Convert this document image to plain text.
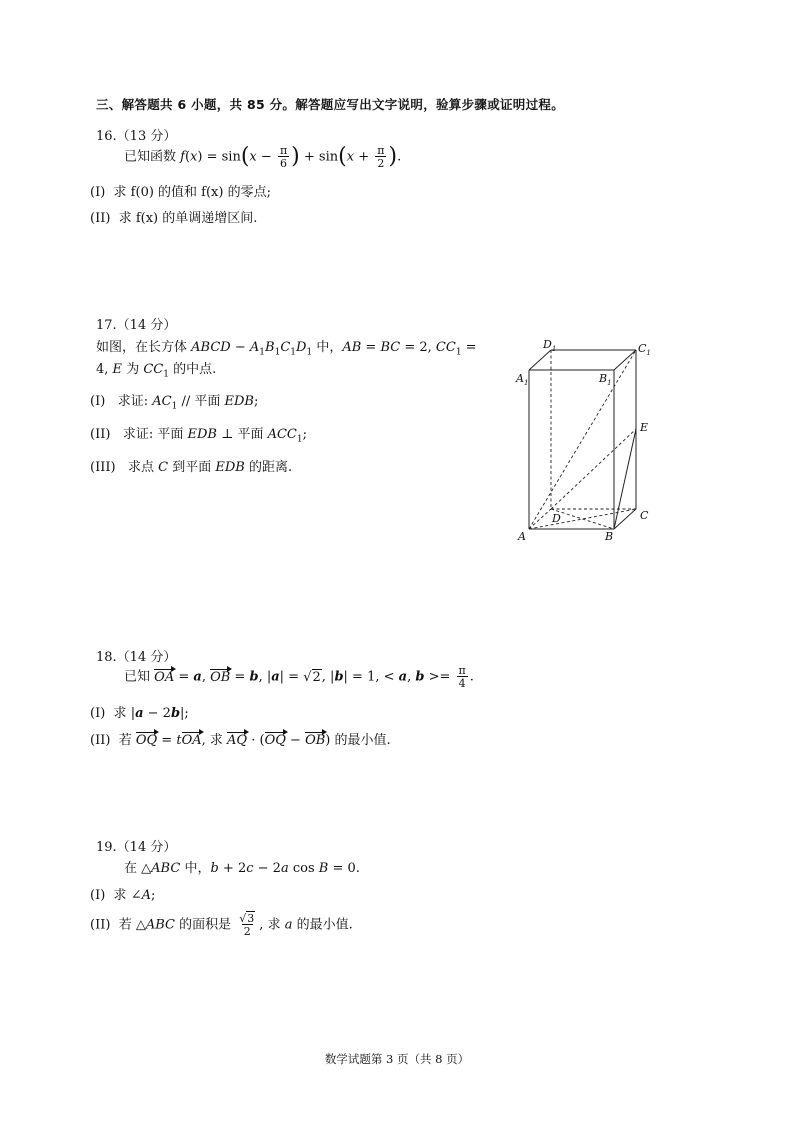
三、解答题共 6 小题，共 85 分。解答题应写出文字说明，验算步骤或证明过程。
16.（13 分）
已知函数 $f(x) = \sin(x - \frac{\pi}{6}$ ) + $\sin(x + \frac{\pi}{2}$ ).
(I) 求 f(0) 的值和 f(x) 的零点;
(II) 求 f(x) 的单调递增区间.
17.（14 分）
如图，在长方体 ABCD − $A_1B_1C_1D_1$ 中，AB = BC = 2, $CC_1$ =
4, E 为 $CC_1$ 的中点.
(I) 求证: $AC_1$ // 平面 EDB;
(II) 求证: 平面 EDB ⊥ 平面 $ACC_1$;
(III) 求点 C 到平面 EDB 的距离.
$D_1$	$C_1$
$A_1$	$B_1$
E
D	C
A	B
18.（14 分）
已知 OA = a, OB = b, |a| = √2, |b| = 1, < a, $b >= \frac{\pi}{4}$ .
(I) 求 |a − 2b|;
(II) 若 OQ = tOA, 求 AQ · (OQ − OB) 的最小值.
19.（14 分）
在 △ABC 中，b + 2c − 2a cos B = 0.
(I) 求 ∠A;
(II) 若 △ABC 的面积是 $\frac{√3}{2}$ , 求 a 的最小值.
数学试题第 3 页（共 8 页）
